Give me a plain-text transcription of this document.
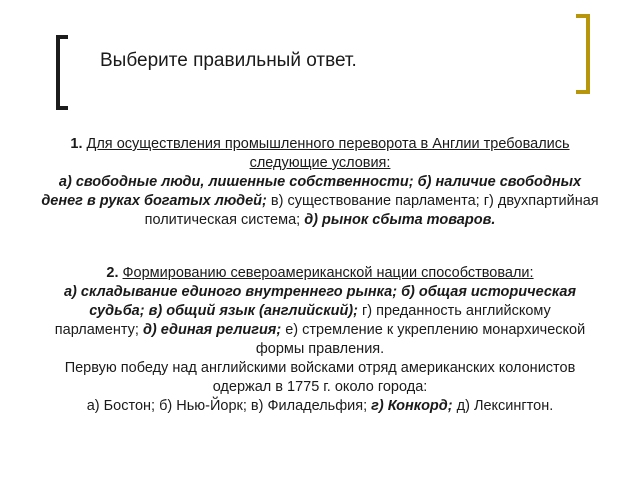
Выберите правильный ответ.
1. Для осуществления промышленного переворота в Англии требовались
следующие условия:
а) свободные люди, лишенные собственности; б) наличие свободных
денег в руках богатых людей; в) существование парламента; г) двухпартийная
политическая система; д) рынок сбыта товаров.
2. Формированию североамериканской нации способствовали:
а) складывание единого внутреннего рынка; б) общая историческая
судьба; в) общий язык (английский); г) преданность английскому
парламенту; д) единая религия; е) стремление к укреплению монархической
формы правления.
Первую победу над английскими войсками отряд американских колонистов
одержал в 1775 г. около города:
а) Бостон; б) Нью-Йорк; в) Филадельфия; г) Конкорд; д) Лексингтон.
